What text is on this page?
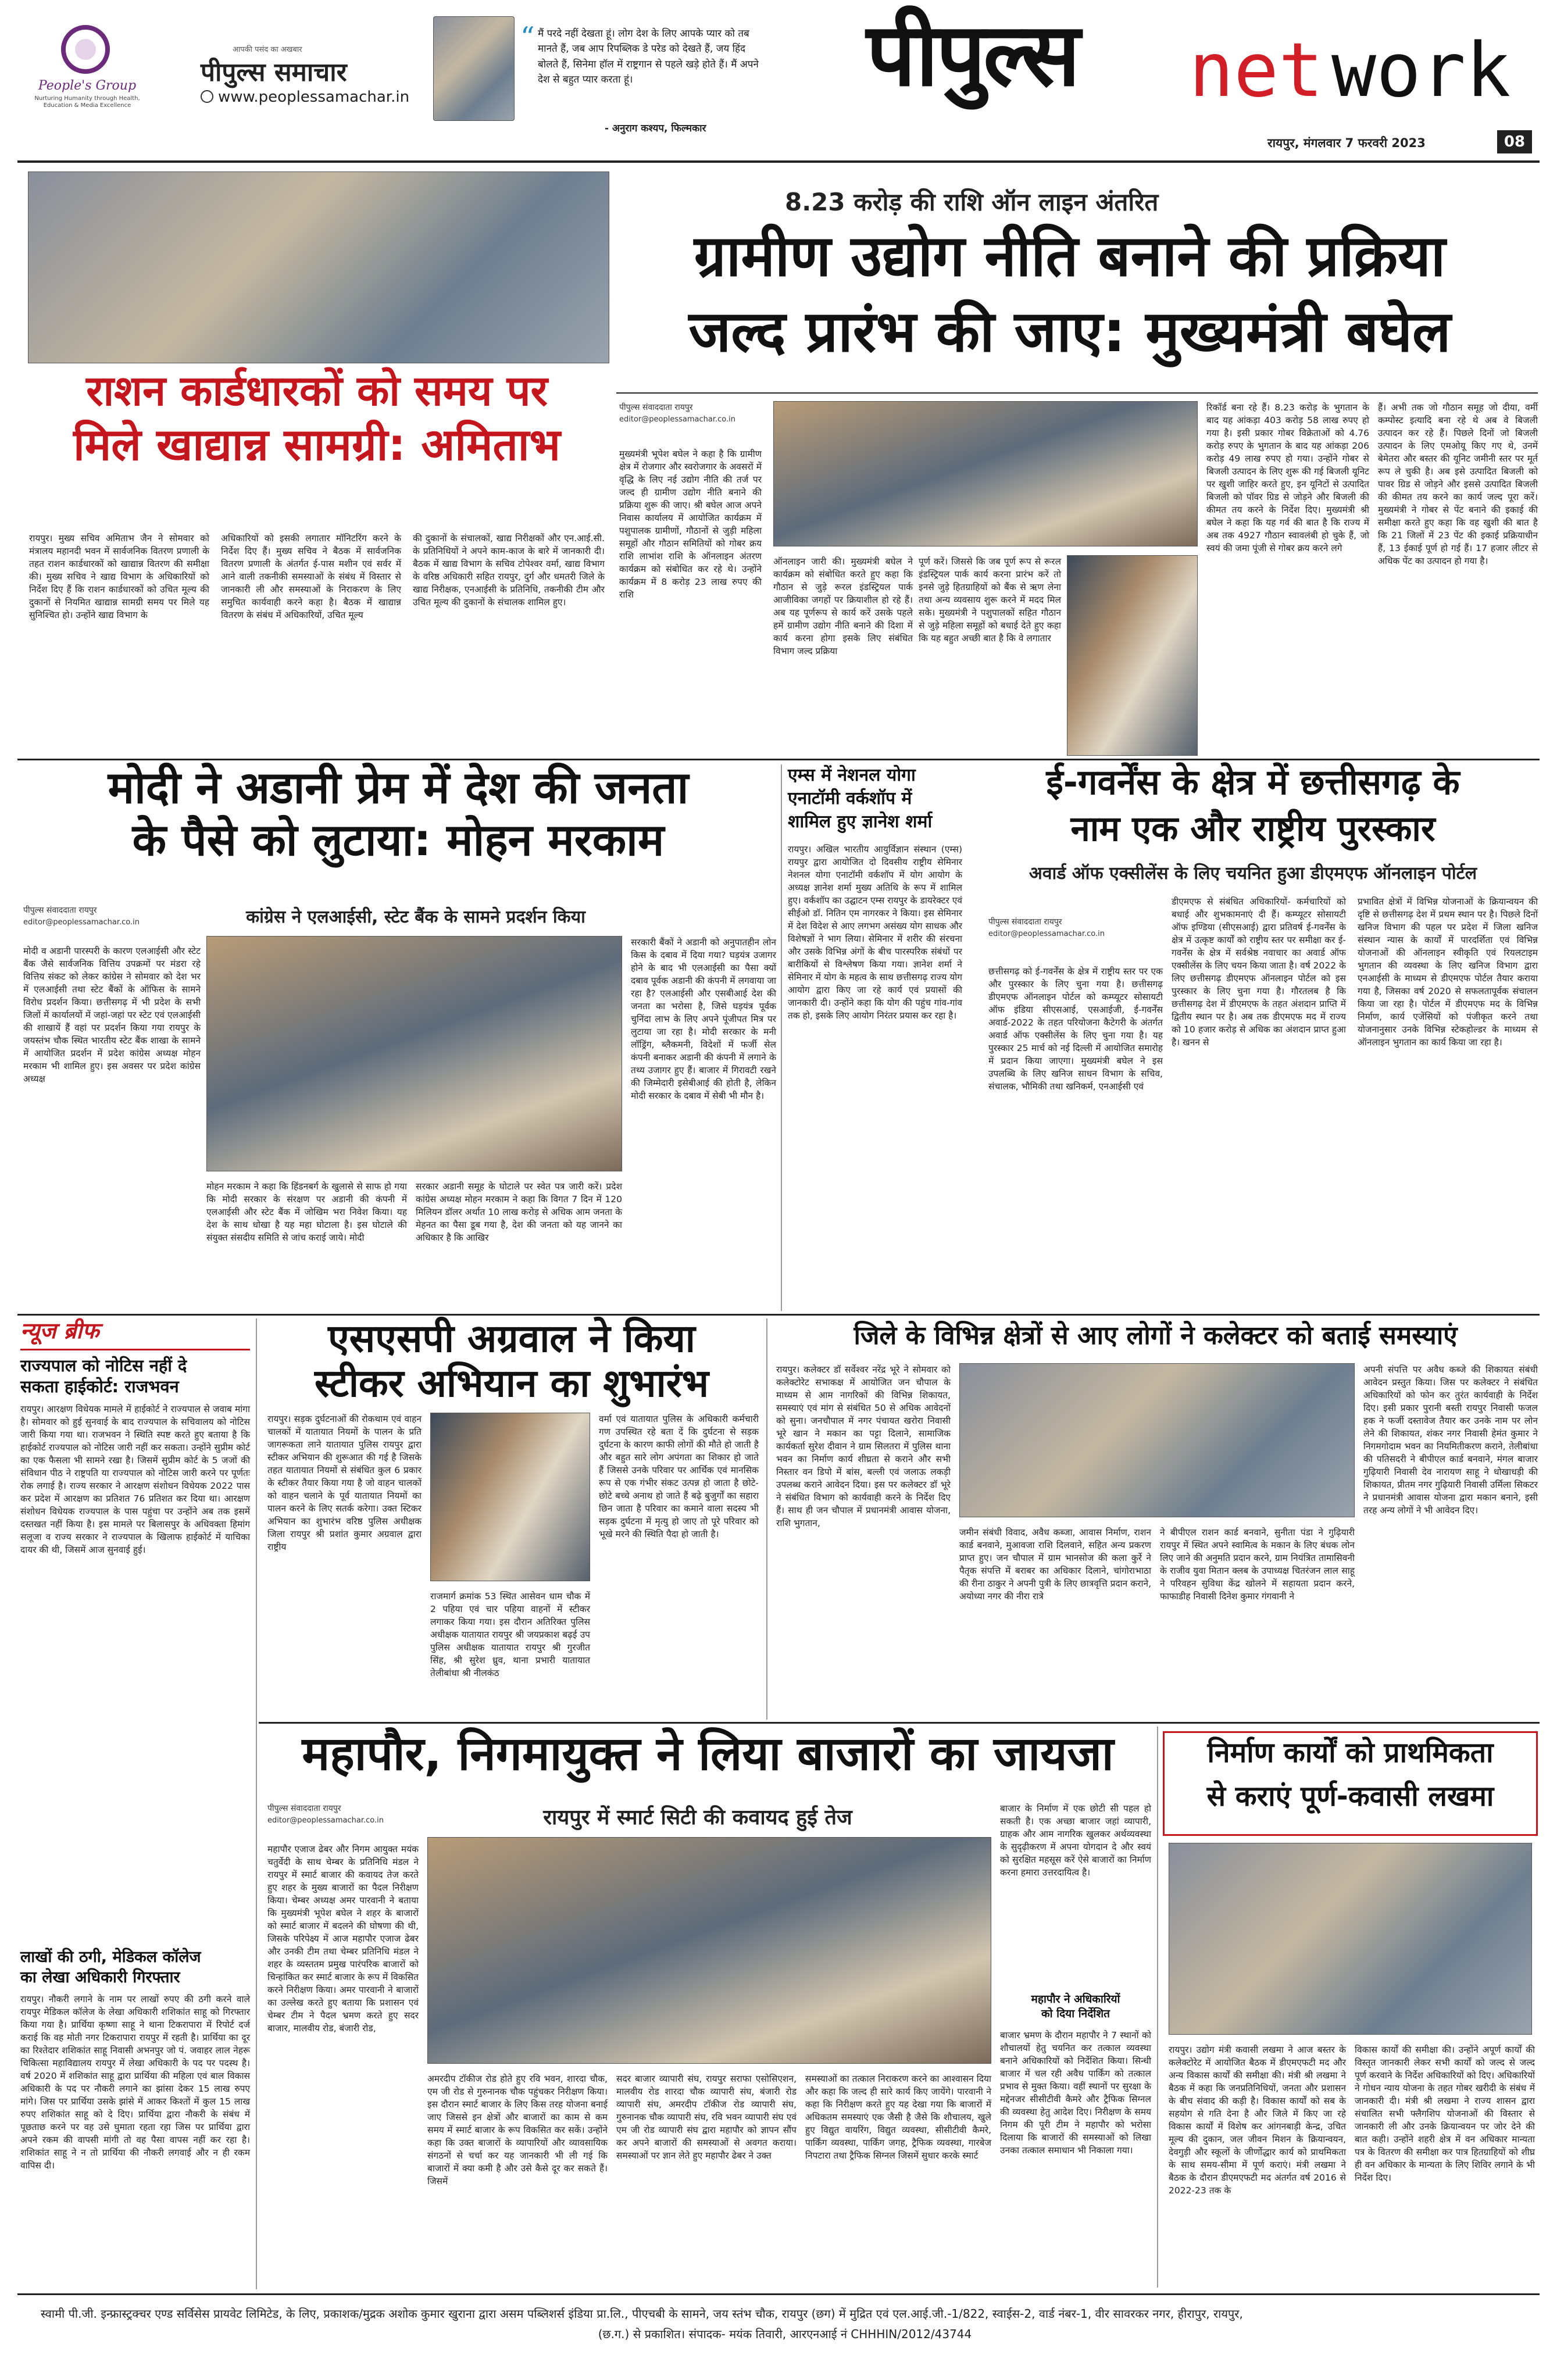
People's Group
Nurturing Humanity through Health, Education & Media Excellence
आपकी पसंद का अखबार
पीपुल्स समाचार
www.peoplessamachar.in
“ मैं परदे नहीं देखता हूं। लोग देश के लिए आपके प्यार को तब मानते हैं, जब आप रिपब्लिक डे परेड को देखते हैं, जय हिंद बोलते हैं, सिनेमा हॉल में राष्ट्रगान से पहले खड़े होते हैं। मैं अपने देश से बहुत प्यार करता हूं।
- अनुराग कश्यप, फिल्मकार
पीपुल्स net work
रायपुर, मंगलवार 7 फरवरी 2023	08
8.23 करोड़ की राशि ऑन लाइन अंतरित
ग्रामीण उद्योग नीति बनाने की प्रक्रिया
जल्द प्रारंभ की जाए: मुख्यमंत्री बघेल
राशन कार्डधारकों को समय पर
मिले खाद्यान्न सामग्री: अमिताभ
रायपुर। मुख्य सचिव अमिताभ जैन ने सोमवार को मंत्रालय महानदी भवन में सार्वजनिक वितरण प्रणाली के तहत राशन कार्डधारकों को खाद्यान्न वितरण की समीक्षा की। मुख्य सचिव ने खाद्य विभाग के अधिकारियों को निर्देश दिए हैं कि राशन कार्डधारकों को उचित मूल्य की दुकानों से नियमित खाद्यान्न सामग्री समय पर मिले यह सुनिश्चित हो। उन्होंने खाद्य विभाग के
अधिकारियों को इसकी लगातार मॉनिटरिंग करने के निर्देश दिए हैं। मुख्य सचिव ने बैठक में सार्वजनिक वितरण प्रणाली के अंतर्गत ई-पास मशीन एवं सर्वर में आने वाली तकनीकी समस्याओं के संबंध में विस्तार से जानकारी ली और समस्याओं के निराकरण के लिए समुचित कार्यवाही करने कहा है। बैठक में खाद्यान्न वितरण के संबंध में अधिकारियों, उचित मूल्य
की दुकानों के संचालकों, खाद्य निरीक्षकों और एन.आई.सी. के प्रतिनिधियों ने अपने काम-काज के बारे में जानकारी दी। बैठक में खाद्य विभाग के सचिव टोपेश्वर वर्मा, खाद्य विभाग के वरिष्ठ अधिकारी सहित रायपुर, दुर्ग और धमतरी जिले के खाद्य निरीक्षक, एनआईसी के प्रतिनिधि, तकनीकी टीम और उचित मूल्य की दुकानों के संचालक शामिल हुए।
पीपुल्स संवाददाता रायपुर
editor@peoplessamachar.co.in
मुख्यमंत्री भूपेश बघेल ने कहा है कि ग्रामीण क्षेत्र में रोजगार और स्वरोजगार के अवसरों में वृद्धि के लिए नई उद्योग नीति की तर्ज पर जल्द ही ग्रामीण उद्योग नीति बनाने की प्रक्रिया शुरू की जाए। श्री बघेल आज अपने निवास कार्यालय में आयोजित कार्यक्रम में पशुपालक ग्रामीणों, गौठानों से जुड़ी महिला समूहों और गौठान समितियों को गोबर क्रय राशि लाभांश राशि के ऑनलाइन अंतरण कार्यक्रम को संबोधित कर रहे थे। उन्होंने कार्यक्रम में 8 करोड़ 23 लाख रुपए की राशि
ऑनलाइन जारी की। मुख्यमंत्री बघेल ने कार्यक्रम को संबोधित करते हुए कहा कि गौठान से जुड़े रूरल इंडस्ट्रियल पार्क आजीविका जगहों पर क्रियाशील हो रहे हैं। अब यह पूर्णरूप से कार्य करें उसके पहले हमें ग्रामीण उद्योग नीति बनाने की दिशा में कार्य करना होगा इसके लिए संबंधित विभाग जल्द प्रक्रिया
पूर्ण करें। जिससे कि जब पूर्ण रूप से रूरल इंडस्ट्रियल पार्क कार्य करना प्रारंभ करें तो इनसे जुड़े हितग्राहियों को बैंक से ऋण लेना तथा अन्य व्यवसाय शुरू करने में मदद मिल सके। मुख्यमंत्री ने पशुपालकों सहित गौठान से जुड़े महिला समूहों को बधाई देते हुए कहा कि यह बहुत अच्छी बात है कि वे लगातार
रिकॉर्ड बना रहे हैं। 8.23 करोड़ के भुगतान के बाद यह आंकड़ा 403 करोड़ 58 लाख रुपए हो गया है। इसी प्रकार गोबर विक्रेताओं को 4.76 करोड़ रुपए के भुगतान के बाद यह आंकड़ा 206 करोड़ 49 लाख रुपए हो गया। उन्होंने गोबर से बिजली उत्पादन के लिए शुरू की गई बिजली यूनिट पर खुशी जाहिर करते हुए, इन यूनिटों से उत्पादित बिजली को पॉवर ग्रिड से जोड़ने और बिजली की कीमत तय करने के निर्देश दिए। मुख्यमंत्री श्री बघेल ने कहा कि यह गर्व की बात है कि राज्य में अब तक 4927 गौठान स्वावलंबी हो चुके हैं, जो स्वयं की जमा पूंजी से गोबर क्रय करने लगे
हैं। अभी तक जो गौठान समूह जो दीया, वर्मी कम्पोस्ट इत्यादि बना रहे थे अब वे बिजली उत्पादन कर रहे हैं। पिछले दिनों जो बिजली उत्पादन के लिए एमओयू किए गए थे, उनमें बेमेतरा और बस्तर की यूनिट जमीनी स्तर पर मूर्त रूप ले चुकी है। अब इसे उत्पादित बिजली को पावर ग्रिड से जोड़ने और इससे उत्पादित बिजली की कीमत तय करने का कार्य जल्द पूरा करें। मुख्यमंत्री ने गोबर से पेंट बनाने की इकाई की समीक्षा करते हुए कहा कि वह खुशी की बात है कि 21 जिलों में 23 पेंट की इकाई प्रक्रियाधीन हैं, 13 ईकाई पूर्ण हो गई हैं। 17 हजार लीटर से अधिक पेंट का उत्पादन हो गया है।
मोदी ने अडानी प्रेम में देश की जनता
के पैसे को लुटाया: मोहन मरकाम
पीपुल्स संवाददाता रायपुर
editor@peoplessamachar.co.in	कांग्रेस ने एलआईसी, स्टेट बैंक के सामने प्रदर्शन किया
मोदी व अडानी पारस्परी के कारण एलआईसी और स्टेट बैंक जैसे सार्वजनिक वित्तिय उपक्रमों पर मंडरा रहे वित्तिय संकट को लेकर कांग्रेस ने सोमवार को देश भर में एलआईसी तथा स्टेट बैंकों के ऑफिस के सामने विरोध प्रदर्शन किया। छत्तीसगढ़ में भी प्रदेश के सभी जिलों में कार्यालयों में जहां-जहां पर स्टेट एवं एलआईसी की शाखायें हैं वहां पर प्रदर्शन किया गया रायपुर के जयस्तंभ चौक स्थित भारतीय स्टेट बैंक शाखा के सामने में आयोजित प्रदर्शन में प्रदेश कांग्रेस अध्यक्ष मोहन मरकाम भी शामिल हुए। इस अवसर पर प्रदेश कांग्रेस अध्यक्ष
मोहन मरकाम ने कहा कि हिंडनबर्ग के खुलासे से साफ हो गया कि मोदी सरकार के संरक्षण पर अडानी की कंपनी में एलआईसी और स्टेट बैंक में जोखिम भरा निवेश किया। यह देश के साथ धोखा है यह महा घोटाला है। इस घोटाले की संयुक्त संसदीय समिति से जांच कराई जाये। मोदी
सरकार अडानी समूह के घोटाले पर स्वेत पत्र जारी करें। प्रदेश कांग्रेस अध्यक्ष मोहन मरकाम ने कहा कि विगत 7 दिन में 120 मिलियन डॉलर अर्थात 10 लाख करोड़ से अधिक आम जनता के मेहनत का पैसा डूब गया है, देश की जनता को यह जानने का अधिकार है कि आखिर
सरकारी बैंकों ने अडानी को अनुपातहीन लोन किस के दबाव में दिया गया? घड़यंत्र उजागर होने के बाद भी एलआईसी का पैसा क्यों दबाव पूर्वक अडानी की कंपनी में लगवाया जा रहा है? एलआईसी और एसबीआई देश की जनता का भरोसा है, जिसे घड़यंत्र पूर्वक चुनिंदा लाभ के लिए अपने पूंजीपत मित्र पर लुटाया जा रहा है। मोदी सरकार के मनी लॉड्रिंग, ब्लैकमनी, विदेशों में फर्जी सेल कंपनी बनाकर अडानी की कंपनी में लगाने के तथ्य उजागर हुए हैं। बाजार में गिरावटी रखने की जिम्मेदारी इसेबीआई की होती है, लेकिन मोदी सरकार के दबाव में सेबी भी मौन है।
एम्स में नेशनल योगा
एनाटॉमी वर्कशॉप में
शामिल हुए ज्ञानेश शर्मा
रायपुर। अखिल भारतीय आयुर्विज्ञान संस्थान (एम्स) रायपुर द्वारा आयोजित दो दिवसीय राष्ट्रीय सेमिनार नेशनल योगा एनाटॉमी वर्कशॉप में योग आयोग के अध्यक्ष ज्ञानेश शर्मा मुख्य अतिथि के रूप में शामिल हुए। वर्कशॉप का उद्घाटन एम्स रायपुर के डायरेक्टर एवं सीईओ डॉ. नितिन एम नागरकर ने किया। इस सेमिनार में देश विदेश से आए लगभग असंख्य योग साधक और विशेषज्ञों ने भाग लिया। सेमिनार में शरीर की संरचना और उसके विभिन्न अंगों के बीच पारस्परिक संबंधों पर बारीकियों से विश्लेषण किया गया। ज्ञानेश शर्मा ने सेमिनार में योग के महत्व के साथ छत्तीसगढ़ राज्य योग आयोग द्वारा किए जा रहे कार्य एवं प्रयासों की जानकारी दी। उन्होंने कहा कि योग की पहुंच गांव-गांव तक हो, इसके लिए आयोग निरंतर प्रयास कर रहा है।
ई-गवर्नेंस के क्षेत्र में छत्तीसगढ़ के
नाम एक और राष्ट्रीय पुरस्कार
अवार्ड ऑफ एक्सीलेंस के लिए चयनित हुआ डीएमएफ ऑनलाइन पोर्टल
पीपुल्स संवाददाता रायपुर
editor@peoplessamachar.co.in
छत्तीसगढ़ को ई-गवर्नेंस के क्षेत्र में राष्ट्रीय स्तर पर एक और पुरस्कार के लिए चुना गया है। छत्तीसगढ़ डीएमएफ ऑनलाइन पोर्टल को कम्प्यूटर सोसायटी ऑफ इंडिया सीएसआई, एसआईजी, ई-गवर्नेंस अवार्ड-2022 के तहत परियोजना कैटेगरी के अंतर्गत अवार्ड ऑफ एक्सीलेंस के लिए चुना गया है। यह पुरस्कार 25 मार्च को नई दिल्ली में आयोजित समारोह में प्रदान किया जाएगा। मुख्यमंत्री बघेल ने इस उपलब्धि के लिए खनिज साधन विभाग के सचिव, संचालक, भौमिकी तथा खनिकर्म, एनआईसी एवं
डीएमएफ से संबंधित अधिकारियों- कर्मचारियों को बधाई और शुभकामनाएं दी हैं। कम्प्यूटर सोसायटी ऑफ इण्डिया (सीएसआई) द्वारा प्रतिवर्ष ई-गवर्नेंस के क्षेत्र में उत्कृष्ट कार्यों को राष्ट्रीय स्तर पर समीक्षा कर ई-गवर्नेंस के क्षेत्र में सर्वश्रेष्ठ नवाचार का अवार्ड ऑफ एक्सीलेंस के लिए चयन किया जाता है। वर्ष 2022 के लिए छत्तीसगढ़ डीएमएफ ऑनलाइन पोर्टल को इस पुरस्कार के लिए चुना गया है। गौरतलब है कि छत्तीसगढ़ देश में डीएमएफ के तहत अंशदान प्राप्ति में द्वितीय स्थान पर है। अब तक डीएमएफ मद में राज्य को 10 हजार करोड़ से अधिक का अंशदान प्राप्त हुआ है। खनन से
प्रभावित क्षेत्रों में विभिन्न योजनाओं के क्रियान्वयन की दृष्टि से छत्तीसगढ़ देश में प्रथम स्थान पर है। पिछले दिनों खनिज विभाग की पहल पर प्रदेश में जिला खनिज संस्थान न्यास के कार्यों में पारदर्शिता एवं विभिन्न योजनाओं की ऑनलाइन स्वीकृति एवं रियलटाइम भुगतान की व्यवस्था के लिए खनिज विभाग द्वारा एनआईसी के माध्यम से डीएमएफ पोर्टल तैयार कराया गया है, जिसका वर्ष 2020 से सफलतापूर्वक संचालन किया जा रहा है। पोर्टल में डीएमएफ मद के विभिन्न निर्माण, कार्य एजेंसियों को पंजीकृत करने तथा योजनानुसार उनके विभिन्न स्टेकहोल्डर के माध्यम से ऑनलाइन भुगतान का कार्य किया जा रहा है।
न्यूज ब्रीफ
राज्यपाल को नोटिस नहीं दे
सकता हाईकोर्ट: राजभवन
रायपुर। आरक्षण विधेयक मामले में हाईकोर्ट ने राज्यपाल से जवाब मांगा है। सोमवार को हुई सुनवाई के बाद राज्यपाल के सचिवालय को नोटिस जारी किया गया था। राजभवन ने स्थिति स्पष्ट करते हुए बताया है कि हाईकोर्ट राज्यपाल को नोटिस जारी नहीं कर सकता। उन्होंने सुप्रीम कोर्ट का एक फैसला भी सामने रखा है। जिसमें सुप्रीम कोर्ट के 5 जजों की संविधान पीठ ने राष्ट्रपति या राज्यपाल को नोटिस जारी करने पर पूर्णतः रोक लगाई है। राज्य सरकार ने आरक्षण संशोधन विधेयक 2022 पास कर प्रदेश में आरक्षण का प्रतिशत 76 प्रतिशत कर दिया था। आरक्षण संशोधन विधेयक राज्यपाल के पास पहुंचा पर उन्होंने अब तक इसमें दस्तखत नहीं किया है। इस मामले पर बिलासपुर के अधिवक्ता हिमांग सलूजा व राज्य सरकार ने राज्यपाल के खिलाफ हाईकोर्ट में याचिका दायर की थी, जिसमें आज सुनवाई हुई।
लाखों की ठगी, मेडिकल कॉलेज
का लेखा अधिकारी गिरफ्तार
रायपुर। नौकरी लगाने के नाम पर लाखों रुपए की ठगी करने वाले रायपुर मेडिकल कॉलेज के लेखा अधिकारी शशिकांत साहू को गिरफ्तार किया गया है। प्रार्थिया कृष्णा साहू ने थाना टिकरापारा में रिपोर्ट दर्ज कराई कि वह मोती नगर टिकरापारा रायपुर में रहती है। प्रार्थिया का दूर का रिश्तेदार शशिकांत साहू निवासी अभनपुर जो पं. जवाहर लाल नेहरू चिकित्सा महाविद्यालय रायपुर में लेखा अधिकारी के पद पर पदस्थ है। वर्ष 2020 में शशिकांत साहू द्वारा प्रार्थिया की महिला एवं बाल विकास अधिकारी के पद पर नौकरी लगाने का झांसा देकर 15 लाख रुपए मांगे। जिस पर प्रार्थिया उसके झांसे में आकर किश्तों में कुल 15 लाख रुपए शशिकांत साहू को दे दिए। प्रार्थिया द्वारा नौकरी के संबंध में पूछताछ करने पर वह उसे घुमाता रहता रहा जिस पर प्रार्थिया द्वारा अपने रकम की वापसी मांगी तो वह पैसा वापस नहीं कर रहा है। शशिकांत साहू ने न तो प्रार्थिया की नौकरी लगवाई और न ही रकम वापिस दी।
एसएसपी अग्रवाल ने किया
स्टीकर अभियान का शुभारंभ
रायपुर। सड़क दुर्घटनाओं की रोकथाम एवं वाहन चालकों में यातायात नियमों के पालन के प्रति जागरूकता लाने यातायात पुलिस रायपुर द्वारा स्टीकर अभियान की शुरूआत की गई है जिसके तहत यातायात नियमों से संबंधित कुल 6 प्रकार के स्टीकर तैयार किया गया है जो वाहन चालकों को वाहन चलाने के पूर्व यातायात नियमों का पालन करने के लिए सतर्क करेगा। उक्त स्टिकर अभियान का शुभारंभ वरिष्ठ पुलिस अधीक्षक जिला रायपुर श्री प्रशांत कुमार अग्रवाल द्वारा राष्ट्रीय
राजमार्ग क्रमांक 53 स्थित आसेवन धाम चौक में 2 पहिया एवं चार पहिया वाहनों में स्टीकर लगाकर किया गया। इस दौरान अतिरिक्त पुलिस अधीक्षक यातायात रायपुर श्री जयप्रकाश बढ़ई उप पुलिस अधीक्षक यातायात रायपुर श्री गुरजीत सिंह, श्री सुरेश ध्रुव, थाना प्रभारी यातायात तेलीबांधा श्री नीलकंठ
वर्मा एवं यातायात पुलिस के अधिकारी कर्मचारी गण उपस्थित रहे बता दें कि दुर्घटना से सड़क दुर्घटना के कारण काफी लोगों की मौते हो जाती है और बहुत सारे लोग अपंगता का शिकार हो जाते हैं जिससे उनके परिवार पर आर्थिक एवं मानसिक रूप से एक गंभीर संकट उत्पन्न हो जाता है छोटे-छोटे बच्चे अनाथ हो जाते हैं बढ़े बुजुर्गों का सहारा छिन जाता है परिवार का कमाने वाला सदस्य भी सड़क दुर्घटना में मृत्यु हो जाए तो पूरे परिवार को भूखे मरने की स्थिति पैदा हो जाती है।
जिले के विभिन्न क्षेत्रों से आए लोगों ने कलेक्टर को बताई समस्याएं
रायपुर। कलेक्टर डॉ सर्वेश्वर नरेंद्र भूरे ने सोमवार को कलेक्टोरेट सभाकक्ष में आयोजित जन चौपाल के माध्यम से आम नागरिकों की विभिन्न शिकायत, समस्याएं एवं मांग से संबंधित 50 से अधिक आवेदनों को सुना। जनचौपाल में नगर पंचायत खरोरा निवासी भूरे खान ने मकान का पट्टा दिलाने, सामाजिक कार्यकर्ता सुरेश दीवान ने ग्राम सिलतरा में पुलिस थाना भवन का निर्माण कार्य शीघ्रता से कराने और सभी निस्तार वन डिपो में बांस, बल्ली एवं जलाऊ लकड़ी उपलब्ध कराने आवेदन दिया। इस पर कलेक्टर डॉ भूरे ने संबंधित विभाग को कार्यवाही करने के निर्देश दिए हैं। साथ ही जन चौपाल में प्रधानमंत्री आवास योजना, राशि भुगतान,
जमीन संबंधी विवाद, अवैध कब्जा, आवास निर्माण, राशन कार्ड बनवाने, मुआवजा राशि दिलवाने, सहित अन्य प्रकरण प्राप्त हुए। जन चौपाल में ग्राम भानसोज की कला कुर्रे ने पैतृक संपत्ति में बराबर का अधिकार दिलाने, चांगोराभाठा की रीना ठाकुर ने अपनी पुत्री के लिए छात्रवृत्ति प्रदान कराने, अयोध्या नगर की नीरा रात्रे
ने बीपीएल राशन कार्ड बनवाने, सुनीता पंडा ने गुढ़ियारी रायपुर में स्थित अपने स्वामित्व के मकान के लिए बंधक लोन लिए जाने की अनुमति प्रदान करने, ग्राम नियंत्रित तामासिवनी के राजीव युवा मितान क्लब के उपाध्यक्ष चितरंजन लाल साहू ने परिवहन सुविधा केंद्र खोलने में सहायता प्रदान करने, फाफाडीह निवासी दिनेश कुमार गंगवानी ने
अपनी संपत्ति पर अवैध कब्जे की शिकायत संबंधी आवेदन प्रस्तुत किया। जिस पर कलेक्टर ने संबंधित अधिकारियों को फोन कर तुरंत कार्यवाही के निर्देश दिए। इसी प्रकार पुरानी बस्ती रायपुर निवासी फजल हक ने फर्जी दस्तावेज तैयार कर उनके नाम पर लोन लेने की शिकायत, शंकर नगर निवासी हेमंत कुमार ने निगमगोदाम भवन का नियमितीकरण कराने, तेलीबांधा की पतिसदरी ने बीपीएल कार्ड बनवाने, मंगल बाजार गुढ़ियारी निवासी देव नारायण साहू ने धोखाधड़ी की शिकायत, प्रीतम नगर गुढ़ियारी निवासी उर्मिला सिकटर ने प्रधानमंत्री आवास योजना द्वारा मकान बनाने, इसी तरह अन्य लोगों ने भी आवेदन दिए।
महापौर, निगमायुक्त ने लिया बाजारों का जायजा
पीपुल्स संवाददाता रायपुर
editor@peoplessamachar.co.in	रायपुर में स्मार्ट सिटी की कवायद हुई तेज
महापौर एजाज ढेबर और निगम आयुक्त मयंक चतुर्वेदी के साथ चेम्बर के प्रतिनिधि मंडल ने रायपुर में स्मार्ट बाजार की कवायद तेज करते हुए शहर के मुख्य बाजारों का पैदल निरीक्षण किया। चेम्बर अध्यक्ष अमर पारवानी ने बताया कि मुख्यमंत्री भूपेश बघेल ने शहर के बाजारों को स्मार्ट बाजार में बदलने की घोषणा की थी, जिसके परिपेक्ष्य में आज महापौर एजाज ढेबर और उनकी टीम तथा चेम्बर प्रतिनिधि मंडल ने शहर के व्यस्ततम प्रमुख पारंपरिक बाजारों को चिन्हांकित कर स्मार्ट बाजार के रूप में विकसित करने निरीक्षण किया। अमर पारवानी ने बाजारों का उल्लेख करते हुए बताया कि प्रशासन एवं चेम्बर टीम ने पैदल भ्रमण करते हुए सदर बाजार, मालवीय रोड, बंजारी रोड,
अमरदीप टॉकीज रोड होते हुए रवि भवन, शारदा चौक, एम जी रोड से गुरुनानक चौक पहुंचकर निरीक्षण किया। इस दौरान स्मार्ट बाजार के लिए किस तरह योजना बनाई जाए जिससे इन क्षेत्रों और बाजारों का काम से कम समय में स्मार्ट बाजार के रूप विकसित कर सकें। उन्होंने कहा कि उक्त बाजारों के व्यापारियों और व्यावसायिक संगठनों से चर्चा कर यह जानकारी भी ली गई कि बाजारों में क्या कमी है और उसे कैसे दूर कर सकते हैं। जिसमें
सदर बाजार व्यापारी संघ, रायपुर सराफा एसोसिएशन, मालवीय रोड शारदा चौक व्यापारी संघ, बंजारी रोड व्यापारी संघ, अमरदीप टॉकीज रोड व्यापारी संघ, गुरुनानक चौक व्यापारी संघ, रवि भवन व्यापारी संघ एवं एम जी रोड व्यापारी संघ द्वारा महापौर को ज्ञापन सौंप कर अपने बाजारों की समस्याओं से अवगत कराया। समस्याओं पर ज्ञान लेते हुए महापौर ढेबर ने उक्त
समस्याओं का तत्काल निराकरण करने का आश्वासन दिया और कहा कि जल्द ही सारे कार्य किए जायेंगे। पारवानी ने कहा कि निरीक्षण करते हुए यह देखा गया कि बाजारों में अधिकतम समस्याएं एक जैसी है जैसे कि शौचालय, खुले हुए विद्युत वायरिंग, विद्युत व्यवस्था, सीसीटीवी कैमरे, पार्किंग व्यवस्था, पार्किंग जगह, ट्रैफिक व्यवस्था, गारबेज निपटारा तथा ट्रैफिक सिग्नल जिसमें सुधार करके स्मार्ट
बाजार के निर्माण में एक छोटी सी पहल हो सकती है। एक अच्छा बाजार जहां व्यापारी, ग्राहक और आम नागरिक खुलकर अर्थव्यवस्था के सुदृढ़ीकरण में अपना योगदान दे और स्वयं को सुरक्षित महसूस करें ऐसे बाजारों का निर्माण करना हमारा उत्तरदायित्व है।
महापौर ने अधिकारियों
को दिया निर्देशित
बाजार भ्रमण के दौरान महापौर ने 7 स्थानों को शौचालयों हेतु चयनित कर तत्काल व्यवस्था बनाने अधिकारियों को निर्देशित किया। सिन्धी बाजार में चल रही अवैध पार्किंग को तत्काल प्रभाव से मुक्त किया। वहीं स्थानों पर सुरक्षा के मद्देनजर सीसीटीवी कैमरे और ट्रैफिक सिग्नल की व्यवस्था हेतु आदेश दिए। निरीक्षण के समय निगम की पूरी टीम ने महापौर को भरोसा दिलाया कि बाजारों की समस्याओं को लिखा उनका तत्काल समाधान भी निकाला गया।
निर्माण कार्यों को प्राथमिकता
से कराएं पूर्ण-कवासी लखमा
रायपुर। उद्योग मंत्री कवासी लखमा ने आज बस्तर के कलेक्टोरेट में आयोजित बैठक में डीएमएफटी मद और अन्य विकास कार्यों की समीक्षा की। मंत्री श्री लखमा ने बैठक में कहा कि जनप्रतिनिधियों, जनता और प्रशासन के बीच संवाद की कड़ी है। विकास कार्यों को सब के सहयोग से गति देना है और जिले में किए जा रहे विकास कार्यों में विशेष कर आंगनबाड़ी केन्द्र, उचित मूल्य की दुकान, जल जीवन मिशन के क्रियान्वयन, देवगुड़ी और स्कूलों के जीर्णोद्धार कार्य को प्राथमिकता के साथ समय-सीमा में पूर्ण कराएं। मंत्री लखमा ने बैठक के दौरान डीएमएफटी मद अंतर्गत वर्ष 2016 से 2022-23 तक के
विकास कार्यों की समीक्षा की। उन्होंने अपूर्ण कार्यों की विस्तृत जानकारी लेकर सभी कार्यों को जल्द से जल्द पूर्ण करवाने के निर्देश अधिकारियों को दिए। अधिकारियों ने गोधन न्याय योजना के तहत गोबर खरीदी के संबंध में जानकारी दी। मंत्री श्री लखमा ने राज्य शासन द्वारा संचालित सभी फ्लैगशिप योजनाओं की विस्तार से जानकारी ली और उनके क्रियान्वयन पर जोर देने की बात कही। उन्होंने शहरी क्षेत्र में वन अधिकार मान्यता पत्र के वितरण की समीक्षा कर पात्र हितग्राहियों को शीघ्र ही वन अधिकार के मान्यता के लिए शिविर लगाने के भी निर्देश दिए।
स्वामी पी.जी. इन्फ्रास्ट्रक्चर एण्ड सर्विसेस प्रायवेट लिमिटेड, के लिए, प्रकाशक/मुद्रक अशोक कुमार खुराना द्वारा असम पब्लिशर्स इंडिया प्रा.लि., पीएचबी के सामने, जय स्तंभ चौक, रायपुर (छग) में मुद्रित एवं एल.आई.जी.-1/822, स्वाईस-2, वार्ड नंबर-1, वीर सावरकर नगर, हीरापुर, रायपुर,
(छ.ग.) से प्रकाशित। संपादक- मयंक तिवारी, आरएनआई नं CHHHIN/2012/43744
